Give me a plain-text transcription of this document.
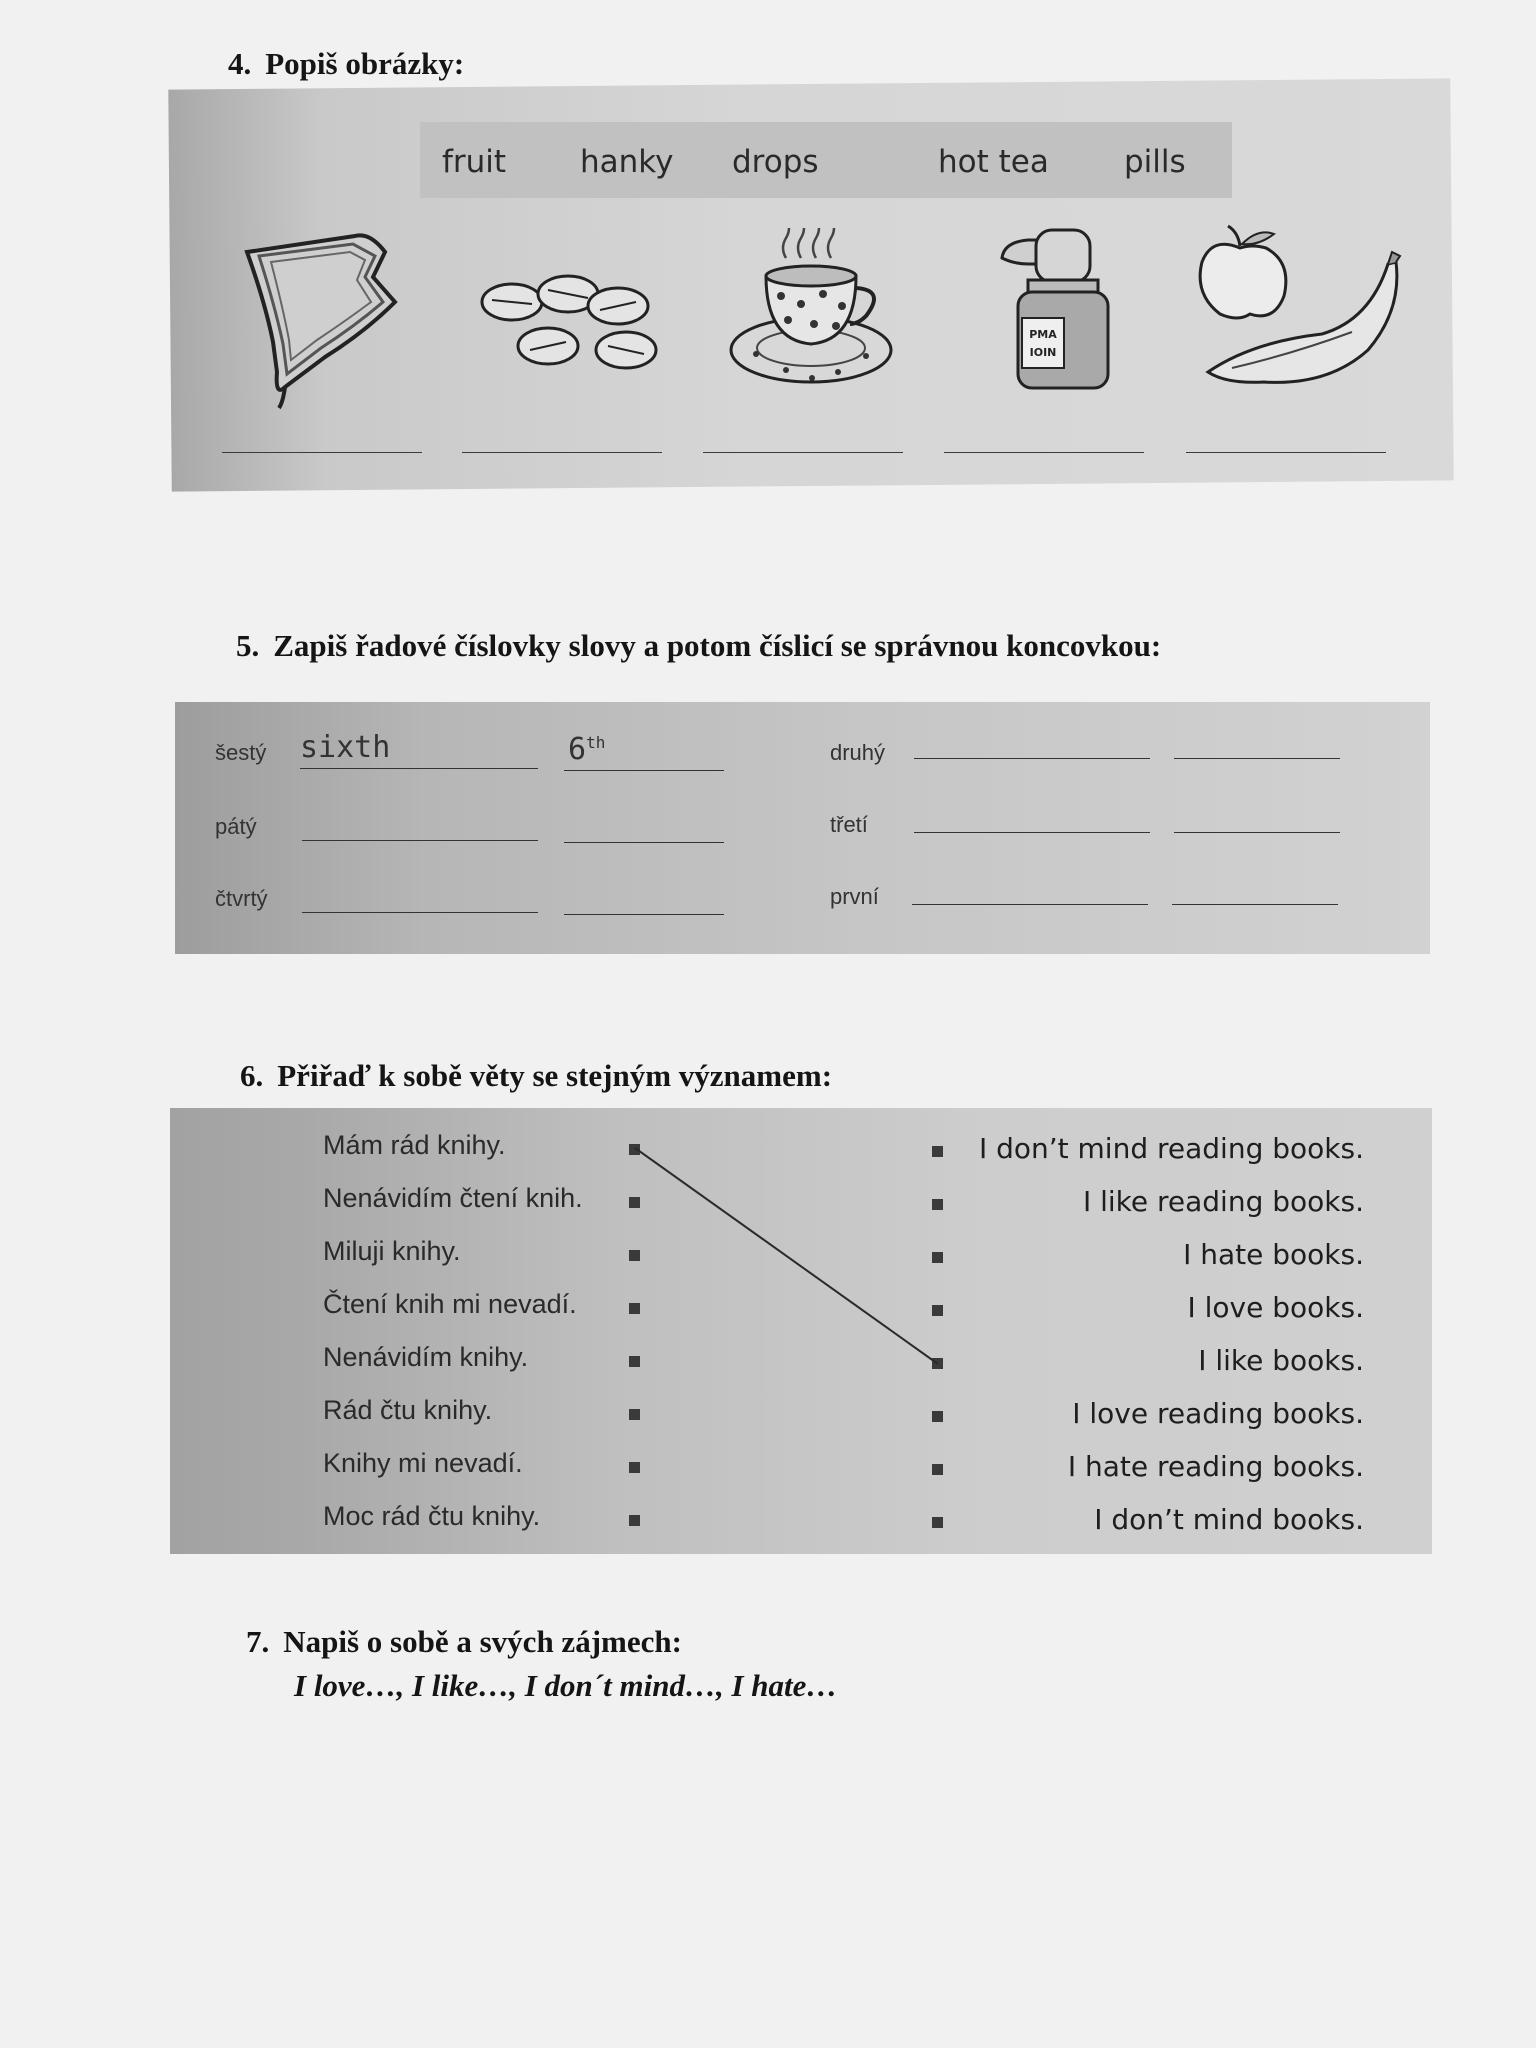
4. Popiš obrázky:
fruit hanky drops	hot tea pills
PMA
IOIN
5. Zapiš řadové číslovky slovy a potom číslicí se správnou koncovkou:
šestý sixth	6th
pátý
čtvrtý
druhý
třetí
první
6. Přiřaď k sobě věty se stejným významem:
Mám rád knihy.	I don’t mind reading books.
Nenávidím čtení knih.	I like reading books.
Miluji knihy.	I hate books.
Čtení knih mi nevadí.	I love books.
Nenávidím knihy.	I like books.
Rád čtu knihy.	I love reading books.
Knihy mi nevadí.	I hate reading books.
Moc rád čtu knihy.	I don’t mind books.
7. Napiš o sobě a svých zájmech:
I love…, I like…, I don´t mind…, I hate…
